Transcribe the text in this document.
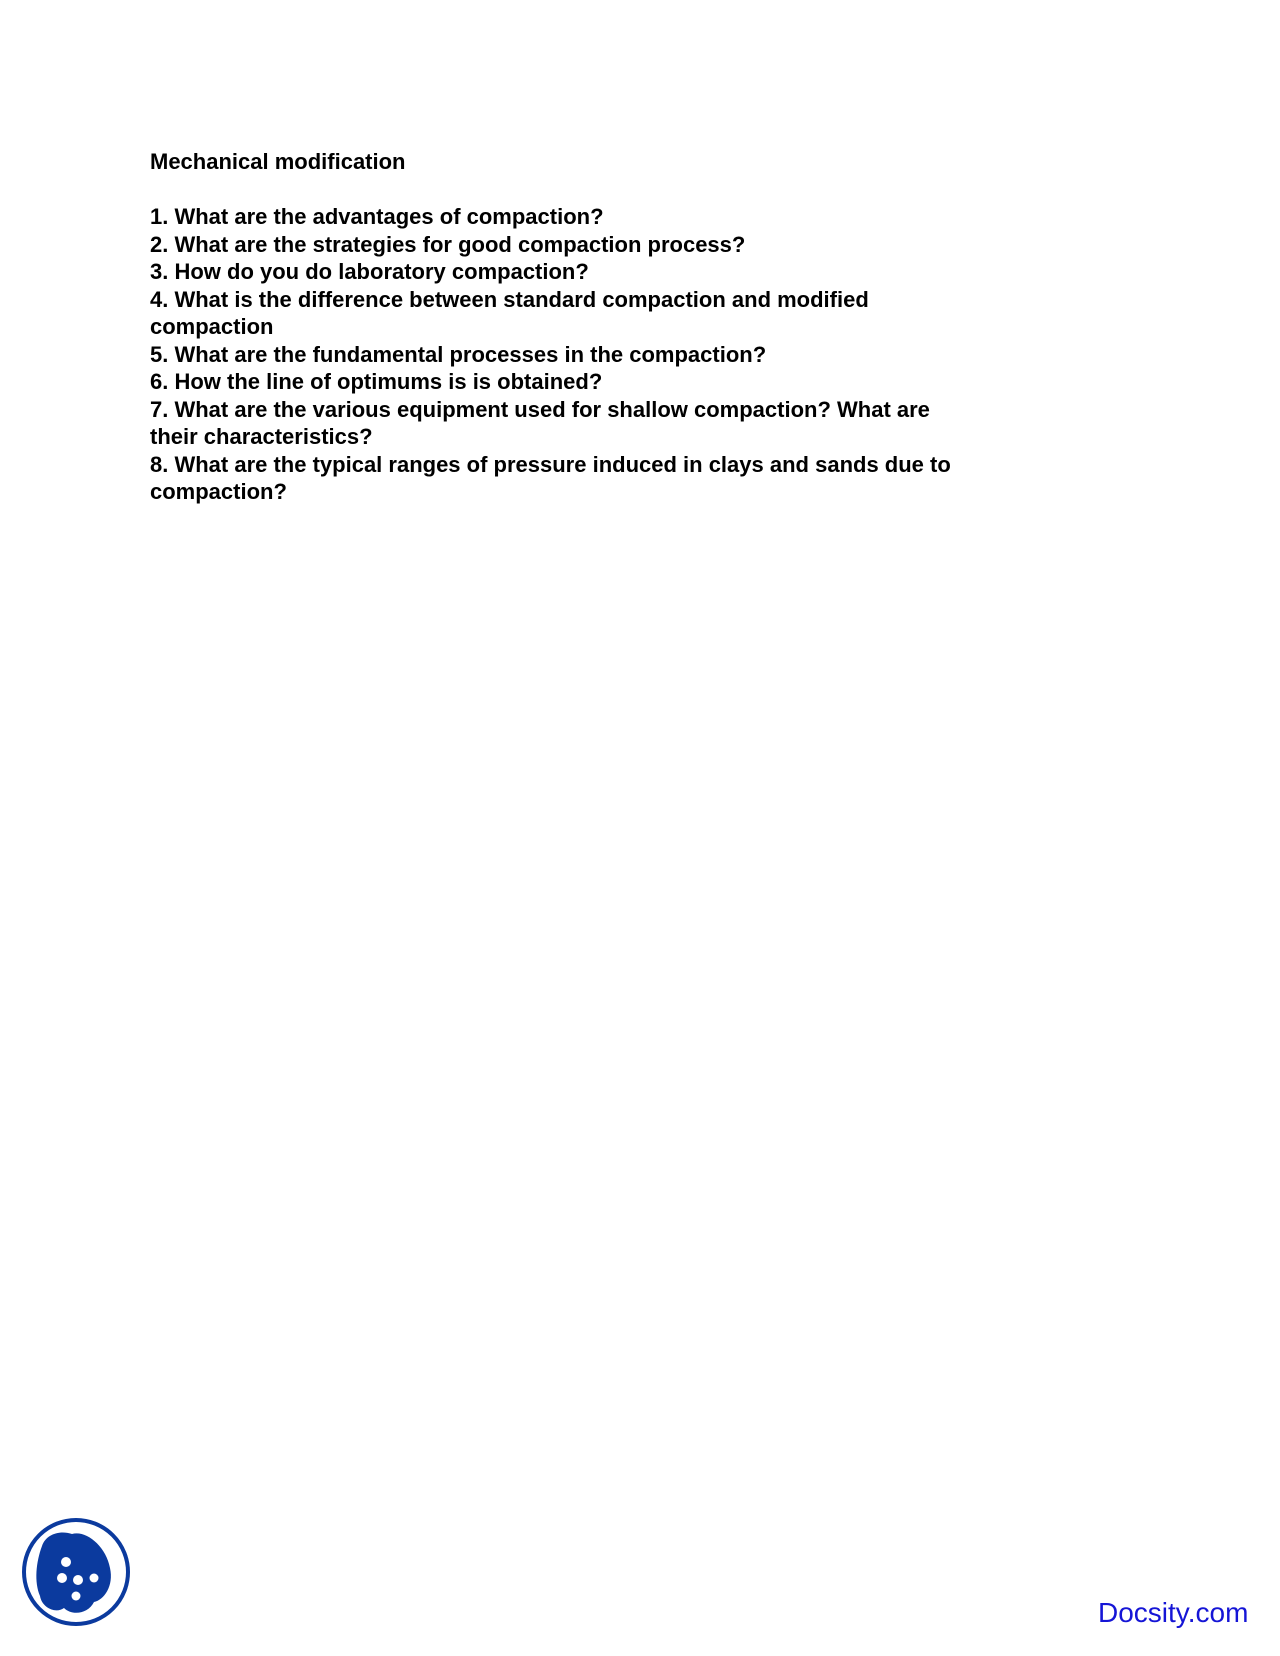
Mechanical modification

1. What are the advantages of compaction?

2. What are the strategies for good compaction process?

3. How do you do laboratory compaction?

4. What is the difference between standard compaction and modified

compaction

5. What are the fundamental processes in the compaction?

6. How the line of optimums is is obtained?

7. What are the various equipment used for shallow compaction? What are

their characteristics?

8. What are the typical ranges of pressure induced in clays and sands due to

compaction?

Docsity.com
